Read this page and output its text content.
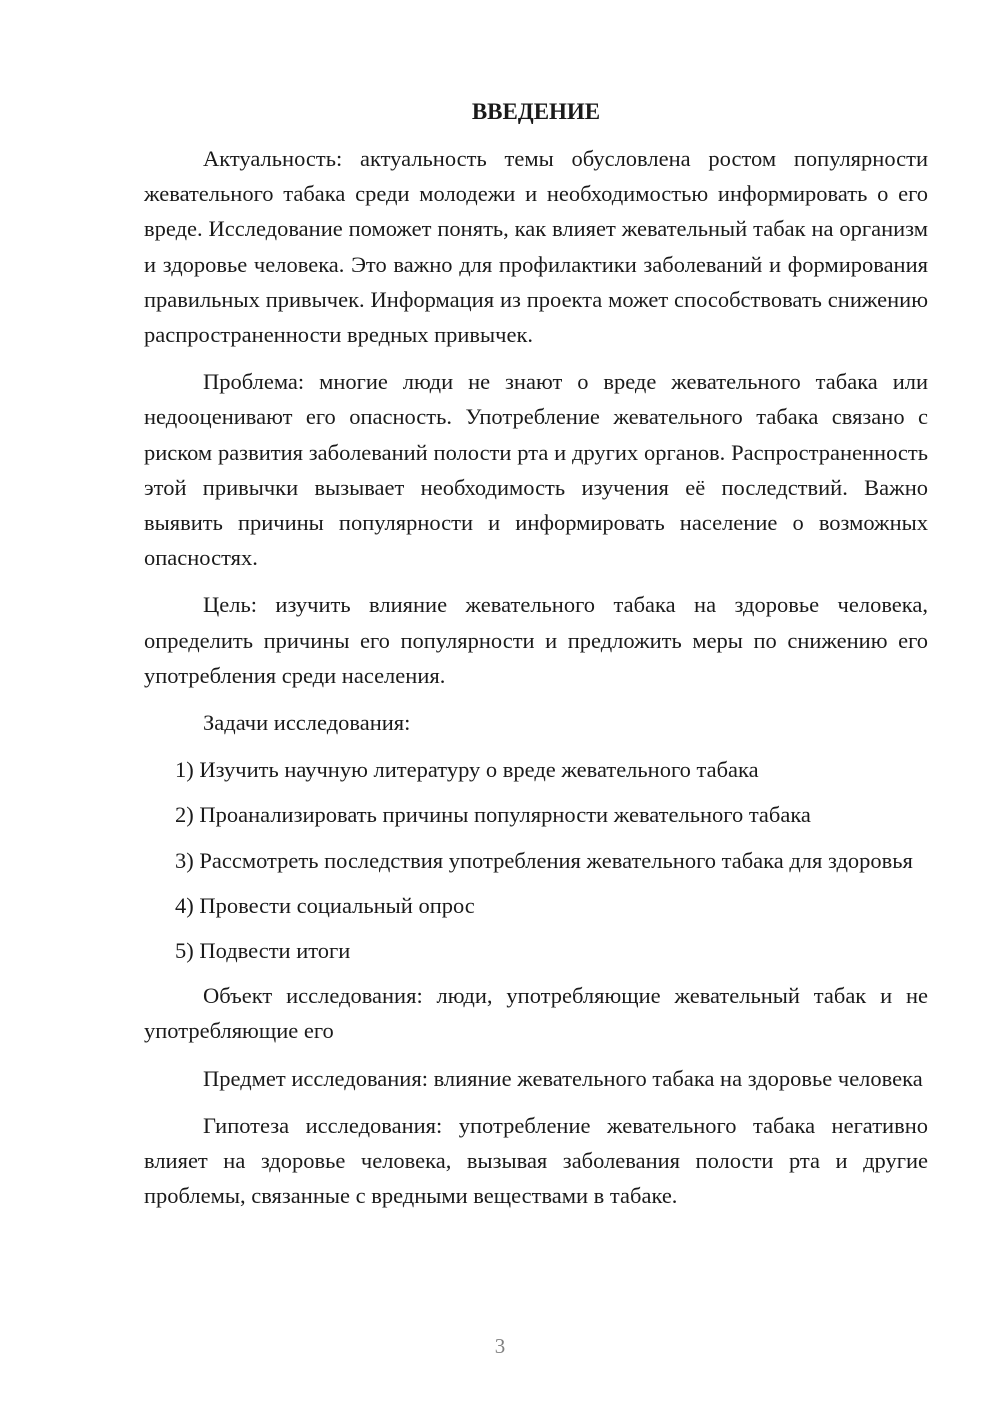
ВВЕДЕНИЕ

Актуальность: актуальность темы обусловлена ростом популярности жевательного табака среди молодежи и необходимостью информировать о его вреде. Исследование поможет понять, как влияет жевательный табак на организм и здоровье человека. Это важно для профилактики заболеваний и формирования правильных привычек. Информация из проекта может способствовать снижению распространенности вредных привычек.

Проблема: многие люди не знают о вреде жевательного табака или недооценивают его опасность. Употребление жевательного табака связано с риском развития заболеваний полости рта и других органов. Распространенность этой привычки вызывает необходимость изучения её последствий. Важно выявить причины популярности и информировать население о возможных опасностях.

Цель: изучить влияние жевательного табака на здоровье человека, определить причины его популярности и предложить меры по снижению его употребления среди населения.

Задачи исследования:

1) Изучить научную литературу о вреде жевательного табака
2) Проанализировать причины популярности жевательного табака
3) Рассмотреть последствия употребления жевательного табака для здоровья
4) Провести социальный опрос
5) Подвести итоги

Объект исследования: люди, употребляющие жевательный табак и не употребляющие его

Предмет исследования: влияние жевательного табака на здоровье человека

Гипотеза исследования: употребление жевательного табака негативно влияет на здоровье человека, вызывая заболевания полости рта и другие проблемы, связанные с вредными веществами в табаке.

3
